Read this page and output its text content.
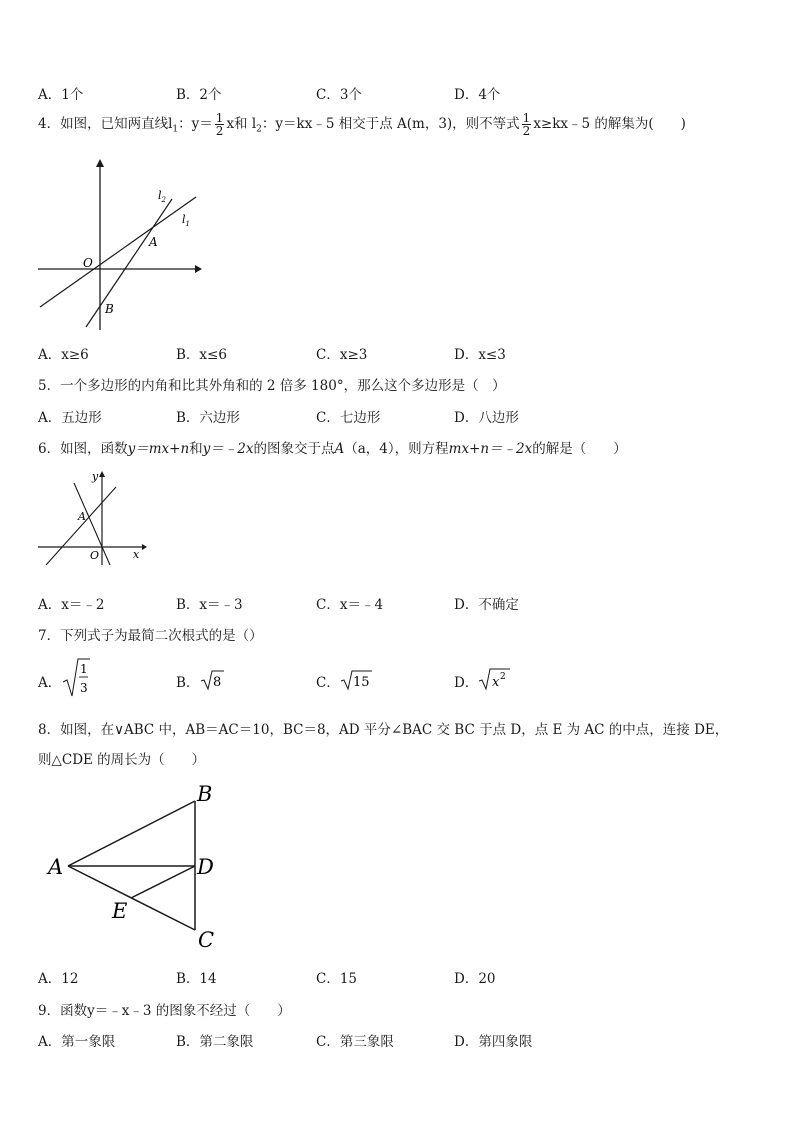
A．1个	B．2个	C．3个	D．4个
4．如图，已知两直线$l_1$：$y= \frac{1}{2}$ x和 $l_2$：y＝kx﹣5 相交于点 A(m，3)，则不等式 $\frac{1}{2}$ x≥kx﹣5 的解集为(　　)
$l_2$
$l_1$
A
O
B
A．x≥6	B．x≤6	C．x≥3	D．x≤3
5．一个多边形的内角和比其外角和的 2 倍多 180°，那么这个多边形是（　）
A．五边形	B．六边形	C．七边形	D．八边形
6．如图，函数y＝mx+n和y＝﹣2x的图象交于点A（a，4），则方程mx+n＝﹣2x的解是（　　）
y
x
A
O
A．x＝﹣2	B．x＝﹣3	C．x＝﹣4	D．不确定
7．下列式子为最简二次根式的是（）
A．
1
3	B． 8	C． 15	D． x 2
8．如图，在∨ABC 中，AB＝AC＝10，BC＝8，AD 平分∠BAC 交 BC 于点 D，点 E 为 AC 的中点，连接 DE，
则△CDE 的周长为（　　）
B
A	D
E
C
A．12	B．14	C．15	D．20
9．函数y＝﹣x﹣3 的图象不经过（　　）
A．第一象限	B．第二象限	C．第三象限	D．第四象限
